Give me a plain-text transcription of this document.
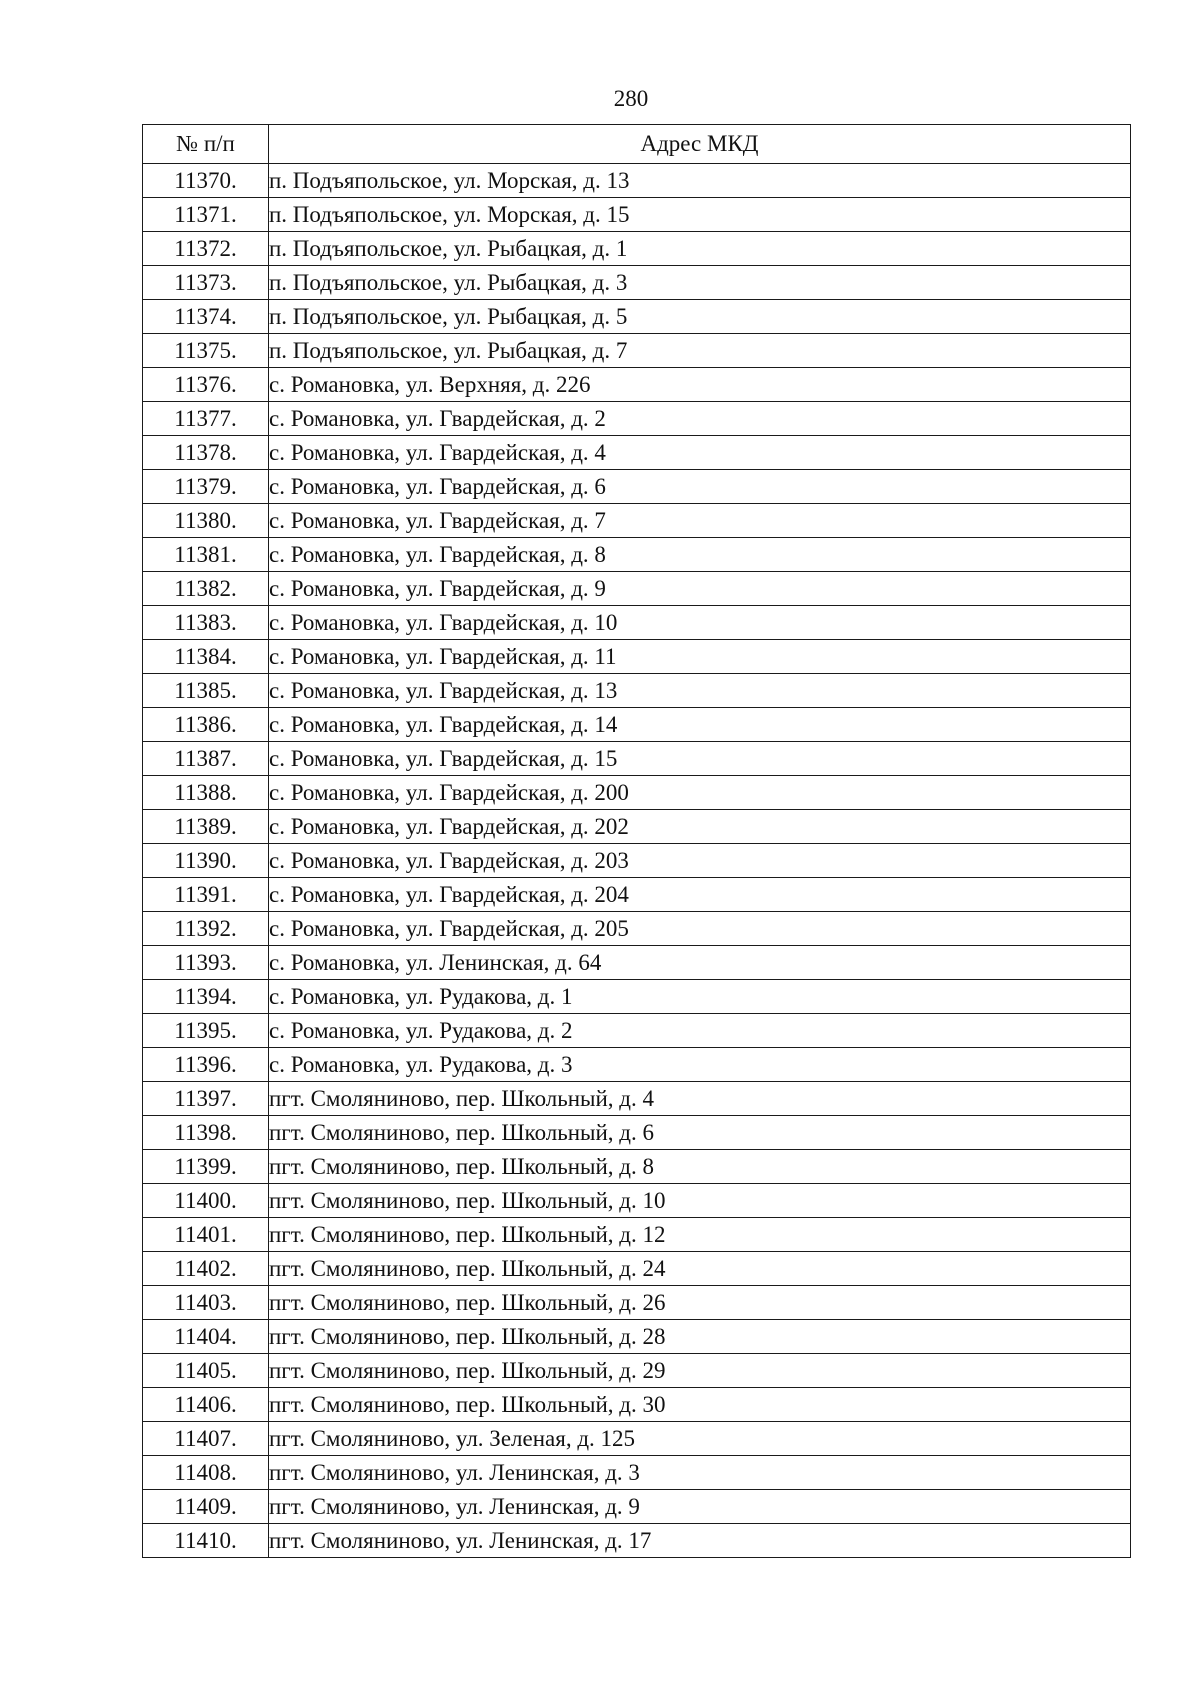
280
№ п/п	Адрес МКД
11370.	п. Подъяпольское, ул. Морская, д. 13
11371.	п. Подъяпольское, ул. Морская, д. 15
11372.	п. Подъяпольское, ул. Рыбацкая, д. 1
11373.	п. Подъяпольское, ул. Рыбацкая, д. 3
11374.	п. Подъяпольское, ул. Рыбацкая, д. 5
11375.	п. Подъяпольское, ул. Рыбацкая, д. 7
11376.	с. Романовка, ул. Верхняя, д. 226
11377.	с. Романовка, ул. Гвардейская, д. 2
11378.	с. Романовка, ул. Гвардейская, д. 4
11379.	с. Романовка, ул. Гвардейская, д. 6
11380.	с. Романовка, ул. Гвардейская, д. 7
11381.	с. Романовка, ул. Гвардейская, д. 8
11382.	с. Романовка, ул. Гвардейская, д. 9
11383.	с. Романовка, ул. Гвардейская, д. 10
11384.	с. Романовка, ул. Гвардейская, д. 11
11385.	с. Романовка, ул. Гвардейская, д. 13
11386.	с. Романовка, ул. Гвардейская, д. 14
11387.	с. Романовка, ул. Гвардейская, д. 15
11388.	с. Романовка, ул. Гвардейская, д. 200
11389.	с. Романовка, ул. Гвардейская, д. 202
11390.	с. Романовка, ул. Гвардейская, д. 203
11391.	с. Романовка, ул. Гвардейская, д. 204
11392.	с. Романовка, ул. Гвардейская, д. 205
11393.	с. Романовка, ул. Ленинская, д. 64
11394.	с. Романовка, ул. Рудакова, д. 1
11395.	с. Романовка, ул. Рудакова, д. 2
11396.	с. Романовка, ул. Рудакова, д. 3
11397.	пгт. Смоляниново, пер. Школьный, д. 4
11398.	пгт. Смоляниново, пер. Школьный, д. 6
11399.	пгт. Смоляниново, пер. Школьный, д. 8
11400.	пгт. Смоляниново, пер. Школьный, д. 10
11401.	пгт. Смоляниново, пер. Школьный, д. 12
11402.	пгт. Смоляниново, пер. Школьный, д. 24
11403.	пгт. Смоляниново, пер. Школьный, д. 26
11404.	пгт. Смоляниново, пер. Школьный, д. 28
11405.	пгт. Смоляниново, пер. Школьный, д. 29
11406.	пгт. Смоляниново, пер. Школьный, д. 30
11407.	пгт. Смоляниново, ул. Зеленая, д. 125
11408.	пгт. Смоляниново, ул. Ленинская, д. 3
11409.	пгт. Смоляниново, ул. Ленинская, д. 9
11410.	пгт. Смоляниново, ул. Ленинская, д. 17
